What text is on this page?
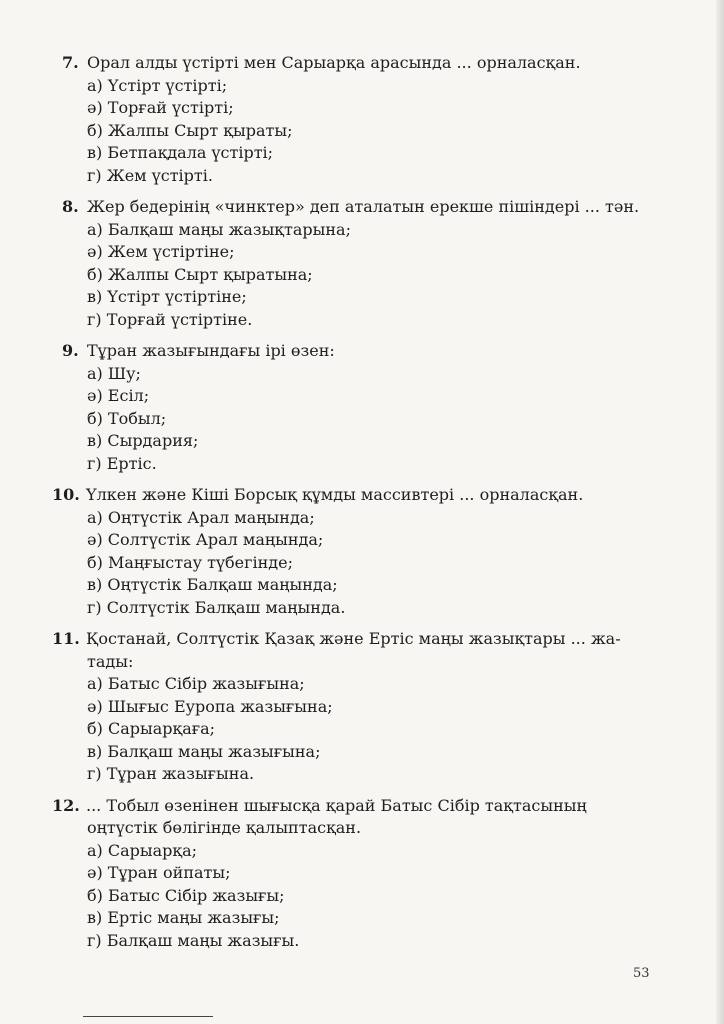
7. Орал алды үстірті мен Сарыарқа арасында ... орналасқан.
а) Үстірт үстірті;
ә) Торғай үстірті;
б) Жалпы Сырт қыраты;
в) Бетпақдала үстірті;
г) Жем үстірті.
8. Жер бедерінің «чинктер» деп аталатын ерекше пішіндері ... тән.
а) Балқаш маңы жазықтарына;
ә) Жем үстіртіне;
б) Жалпы Сырт қыратына;
в) Үстірт үстіртіне;
г) Торғай үстіртіне.
9. Тұран жазығындағы ірі өзен:
а) Шу;
ә) Есіл;
б) Тобыл;
в) Сырдария;
г) Ертіс.
10. Үлкен және Кіші Борсық құмды массивтері ... орналасқан.
а) Оңтүстік Арал маңында;
ә) Солтүстік Арал маңында;
б) Маңғыстау түбегінде;
в) Оңтүстік Балқаш маңында;
г) Солтүстік Балқаш маңында.
11. Қостанай, Солтүстік Қазақ және Ертіс маңы жазықтары ... жа-
тады:
а) Батыс Сібір жазығына;
ә) Шығыс Еуропа жазығына;
б) Сарыарқаға;
в) Балқаш маңы жазығына;
г) Тұран жазығына.
12. ... Тобыл өзенінен шығысқа қарай Батыс Сібір тақтасының
оңтүстік бөлігінде қалыптасқан.
а) Сарыарқа;
ә) Тұран ойпаты;
б) Батыс Сібір жазығы;
в) Ертіс маңы жазығы;
г) Балқаш маңы жазығы.
53
